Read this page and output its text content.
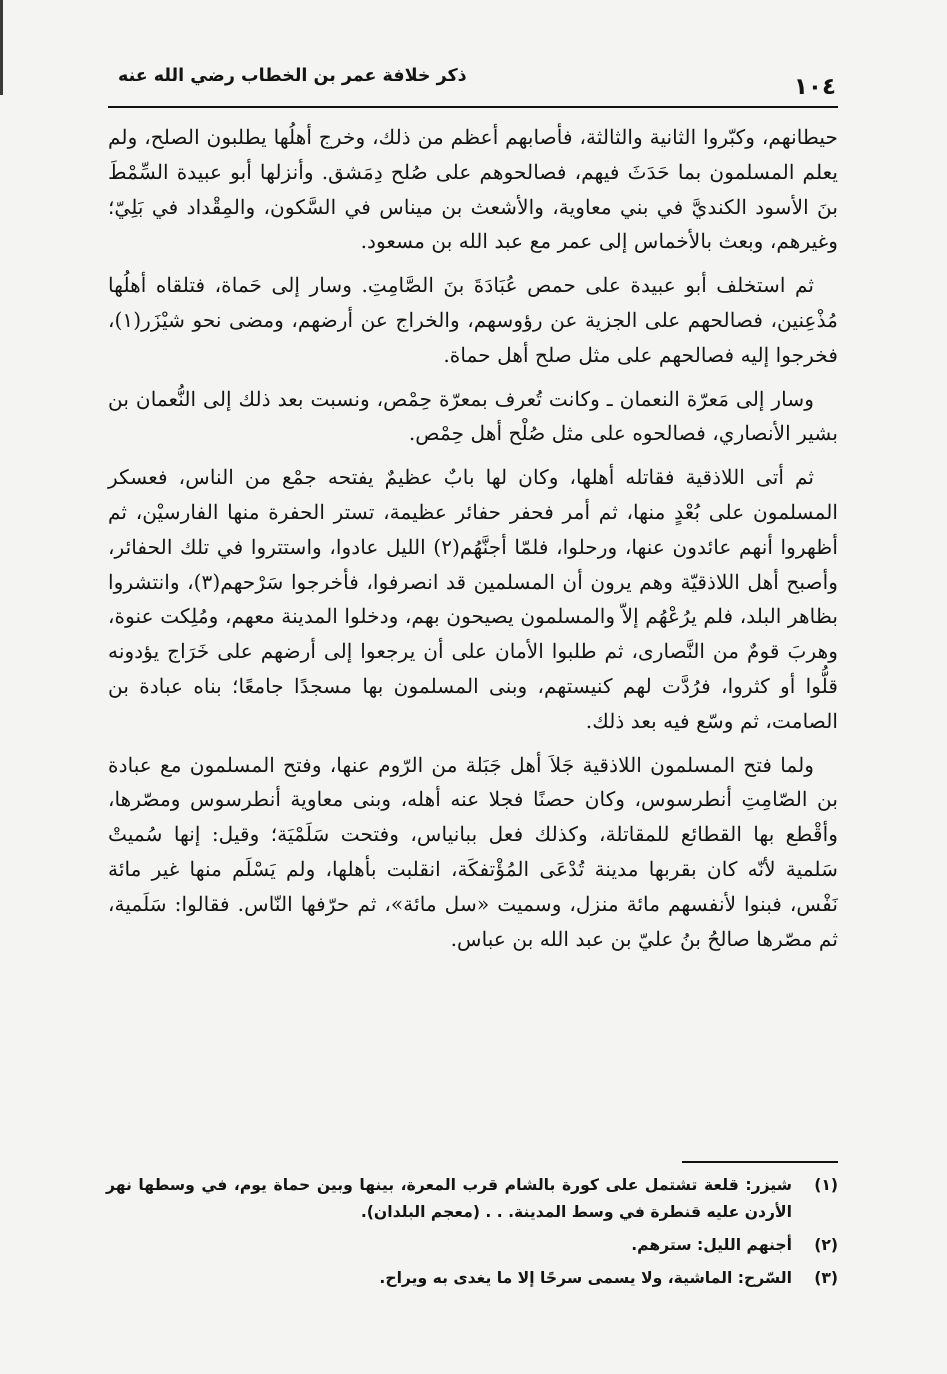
١٠٤
ذكر خلافة عمر بن الخطاب رضي الله عنه

حيطانهم، وكبّروا الثانية والثالثة، فأصابهم أعظم من ذلك، وخرج أهلُها يطلبون الصلح، ولم يعلم المسلمون بما حَدَثَ فيهم، فصالحوهم على صُلح دِمَشق. وأنزلها أبو عبيدة السِّمْطَ بنَ الأسود الكنديَّ في بني معاوية، والأشعث بن ميناس في السَّكون، والمِقْداد في بَلِيّ؛ وغيرهم، وبعث بالأخماس إلى عمر مع عبد الله بن مسعود.

ثم استخلف أبو عبيدة على حمص عُبَادَةَ بنَ الصَّامِتِ. وسار إلى حَماة، فتلقاه أهلُها مُذْعِنين، فصالحهم على الجزية عن رؤوسهم، والخراج عن أرضهم، ومضى نحو شيْزَر(١)، فخرجوا إليه فصالحهم على مثل صلح أهل حماة.

وسار إلى مَعرّة النعمان ـ وكانت تُعرف بمعرّة حِمْص، ونسبت بعد ذلك إلى النُّعمان بن بشير الأنصاري، فصالحوه على مثل صُلْح أهل حِمْص.

ثم أتى اللاذقية فقاتله أهلها، وكان لها بابٌ عظيمٌ يفتحه جمْع من الناس، فعسكر المسلمون على بُعْدٍ منها، ثم أمر فحفر حفائر عظيمة، تستر الحفرة منها الفارسيْن، ثم أظهروا أنهم عائدون عنها، ورحلوا، فلمّا أجنَّهُم(٢) الليل عادوا، واستتروا في تلك الحفائر، وأصبح أهل اللاذقيّة وهم يرون أن المسلمين قد انصرفوا، فأخرجوا سَرْحهم(٣)، وانتشروا بظاهر البلد، فلم يرُعْهُم إلاّ والمسلمون يصيحون بهم، ودخلوا المدينة معهم، ومُلِكت عنوة، وهربَ قومٌ من النَّصارى، ثم طلبوا الأمان على أن يرجعوا إلى أرضهم على خَرَاج يؤدونه قلُّوا أو كثروا، فرُدَّت لهم كنيستهم، وبنى المسلمون بها مسجدًا جامعًا؛ بناه عبادة بن الصامت، ثم وسّع فيه بعد ذلك.

ولما فتح المسلمون اللاذقية جَلاَ أهل جَبَلة من الرّوم عنها، وفتح المسلمون مع عبادة بن الصّامِتِ أنطرسوس، وكان حصنًا فجلا عنه أهله، وبنى معاوية أنطرسوس ومصّرها، وأقْطع بها القطائع للمقاتلة، وكذلك فعل ببانياس، وفتحت سَلَمْيَة؛ وقيل: إنها سُميتْ سَلمية لأنّه كان بقربها مدينة تُدْعَى المُؤْتفكَة، انقلبت بأهلها، ولم يَسْلَم منها غير مائة نَفْس، فبنوا لأنفسهم مائة منزل، وسميت «سل مائة»، ثم حرّفها النّاس. فقالوا: سَلَمية، ثم مصّرها صالحُ بنُ عليّ بن عبد الله بن عباس.

(١)
شيزر: قلعة تشتمل على كورة بالشام قرب المعرة، بينها وبين حماة يوم، في وسطها نهر الأردن عليه قنطرة في وسط المدينة. . . (معجم البلدان).
(٢)
أجنهم الليل: سترهم.
(٣)
السّرح: الماشية، ولا يسمى سرحًا إلا ما يغدى به ويراح.
